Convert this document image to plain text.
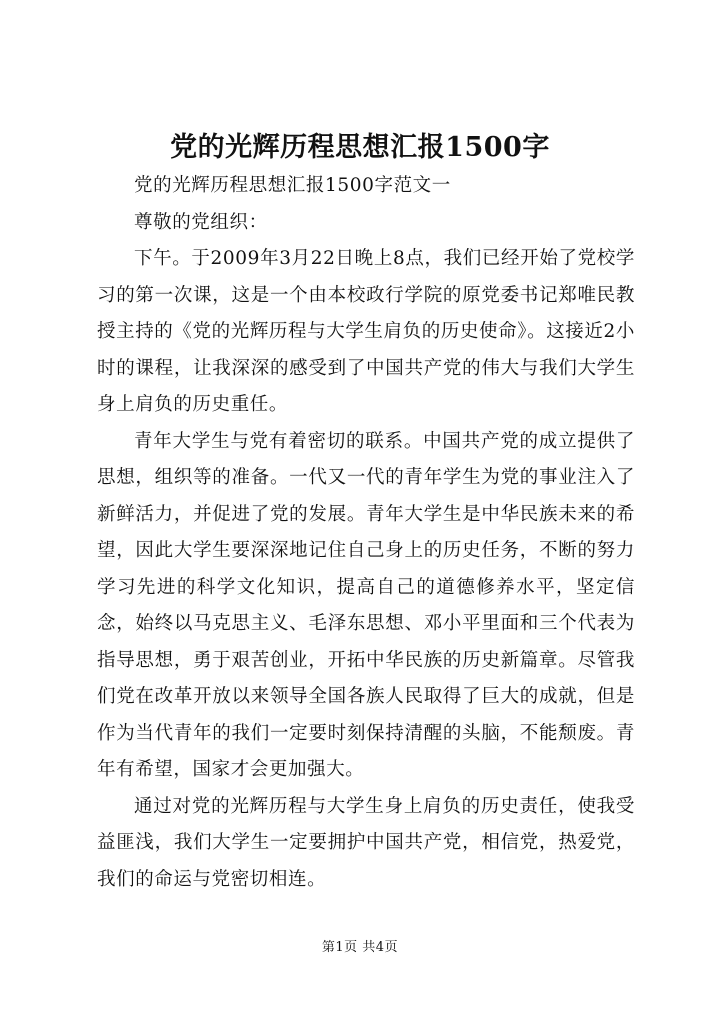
党的光辉历程思想汇报1500字

党的光辉历程思想汇报1500字范文一

尊敬的党组织：

下午。于2009年3月22日晚上8点，我们已经开始了党校学习的第一次课，这是一个由本校政行学院的原党委书记郑唯民教授主持的《党的光辉历程与大学生肩负的历史使命》。这接近2小时的课程，让我深深的感受到了中国共产党的伟大与我们大学生身上肩负的历史重任。

青年大学生与党有着密切的联系。中国共产党的成立提供了思想，组织等的准备。一代又一代的青年学生为党的事业注入了新鲜活力，并促进了党的发展。青年大学生是中华民族未来的希望，因此大学生要深深地记住自己身上的历史任务，不断的努力学习先进的科学文化知识，提高自己的道德修养水平，坚定信念，始终以马克思主义、毛泽东思想、邓小平里面和三个代表为指导思想，勇于艰苦创业，开拓中华民族的历史新篇章。尽管我们党在改革开放以来领导全国各族人民取得了巨大的成就，但是作为当代青年的我们一定要时刻保持清醒的头脑，不能颓废。青年有希望，国家才会更加强大。

通过对党的光辉历程与大学生身上肩负的历史责任，使我受益匪浅，我们大学生一定要拥护中国共产党，相信党，热爱党，我们的命运与党密切相连。

第1页 共4页
